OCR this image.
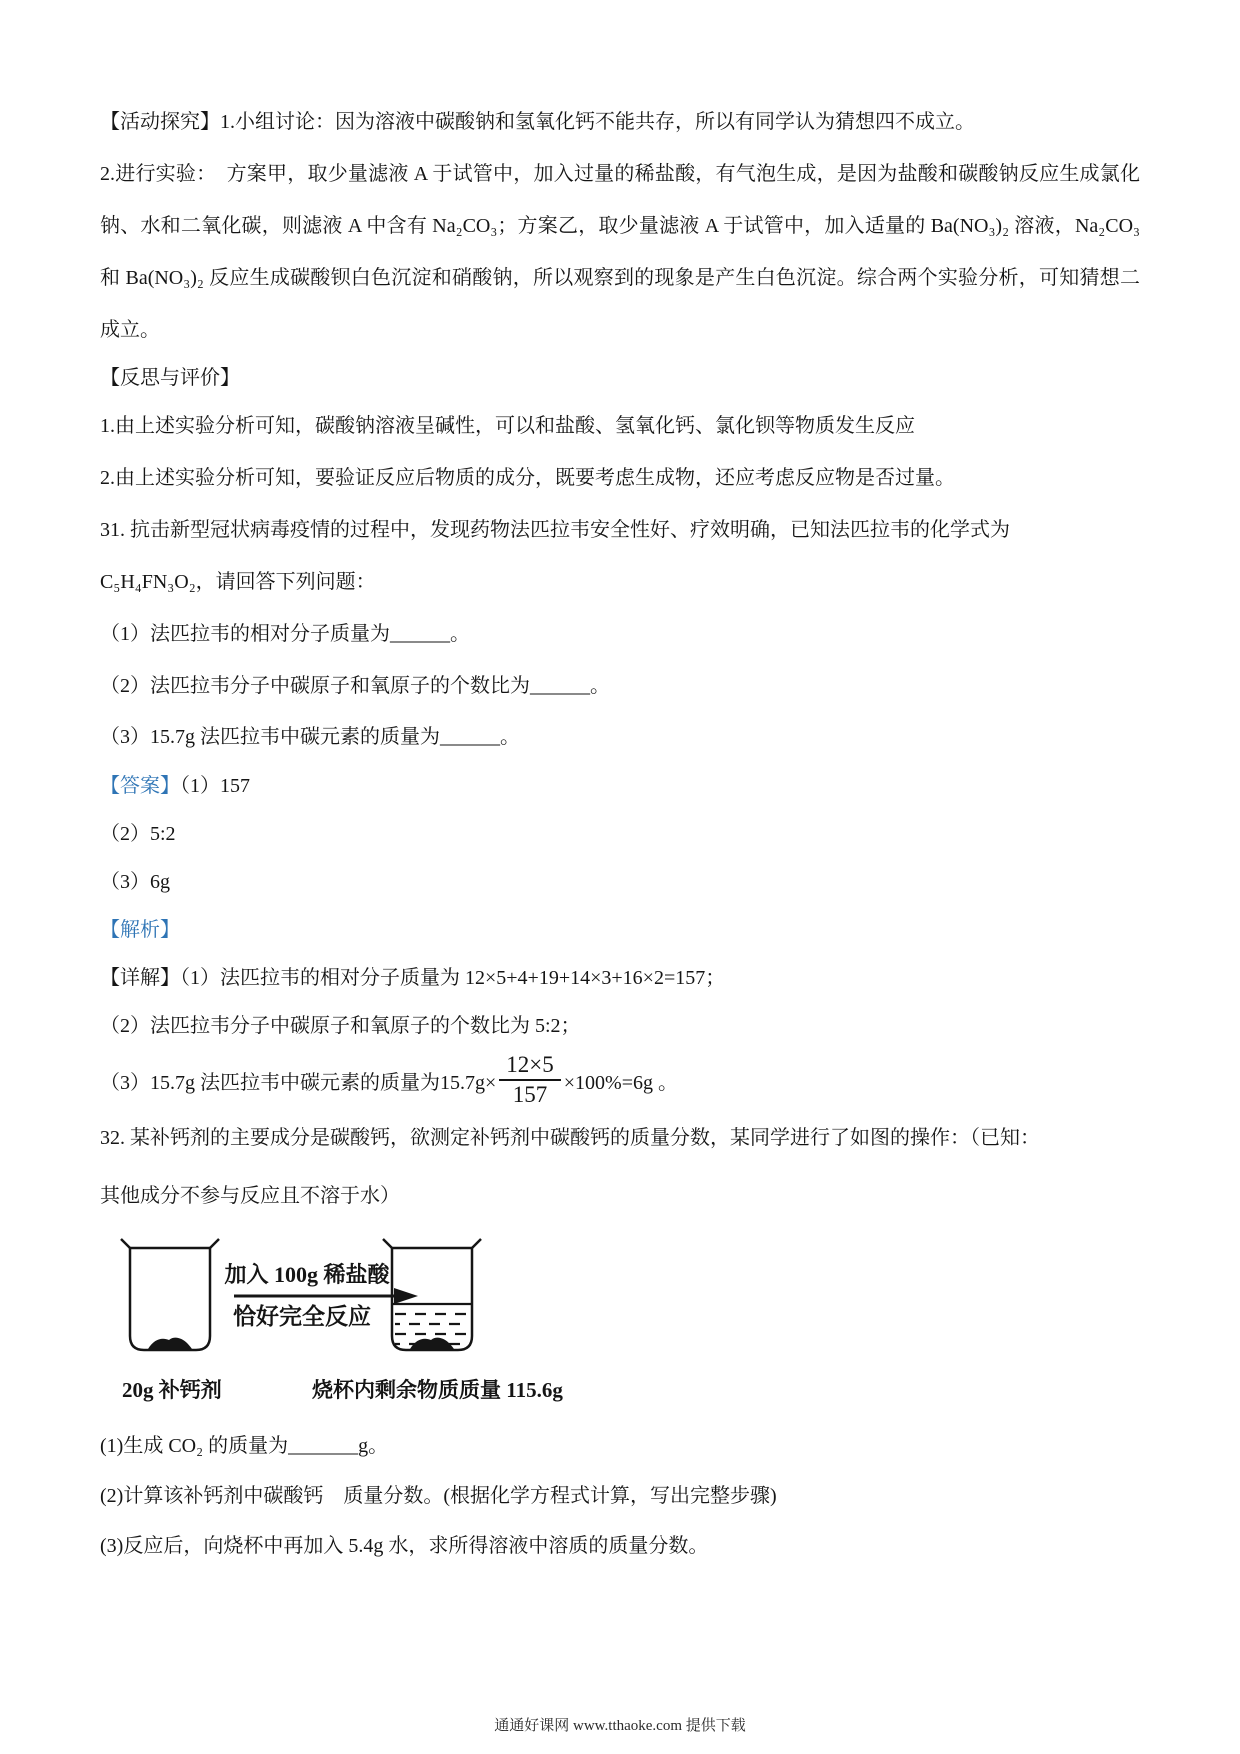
【活动探究】1.小组讨论：因为溶液中碳酸钠和氢氧化钙不能共存，所以有同学认为猜想四不成立。

2.进行实验：　方案甲，取少量滤液 A 于试管中，加入过量的稀盐酸，有气泡生成，是因为盐酸和碳酸钠反应生成氯化钠、水和二氧化碳，则滤液 A 中含有 Na₂CO₃；方案乙，取少量滤液 A 于试管中，加入适量的 Ba(NO₃)₂ 溶液，Na₂CO₃ 和 Ba(NO₃)₂ 反应生成碳酸钡白色沉淀和硝酸钠，所以观察到的现象是产生白色沉淀。综合两个实验分析，可知猜想二成立。

【反思与评价】

1.由上述实验分析可知，碳酸钠溶液呈碱性，可以和盐酸、氢氧化钙、氯化钡等物质发生反应

2.由上述实验分析可知，要验证反应后物质的成分，既要考虑生成物，还应考虑反应物是否过量。

31. 抗击新型冠状病毒疫情的过程中，发现药物法匹拉韦安全性好、疗效明确，已知法匹拉韦的化学式为

C₅H₄FN₃O₂，请回答下列问题：

（1）法匹拉韦的相对分子质量为______。

（2）法匹拉韦分子中碳原子和氧原子的个数比为______。

（3）15.7g 法匹拉韦中碳元素的质量为______。

【答案】（1）157

（2）5:2

（3）6g

【解析】

【详解】（1）法匹拉韦的相对分子质量为 12×5+4+19+14×3+16×2=157；

（2）法匹拉韦分子中碳原子和氧原子的个数比为 5:2；

（3）15.7g 法匹拉韦中碳元素的质量为$15.7g\times \frac{12\times 5}{157} \times 100\%=6g$ 。

32. 某补钙剂的主要成分是碳酸钙，欲测定补钙剂中碳酸钙的质量分数，某同学进行了如图的操作：（已知：

其他成分不参与反应且不溶于水）

加入 100g 稀盐酸
恰好完全反应
20g 补钙剂	烧杯内剩余物质质量 115.6g

(1)生成 CO₂ 的质量为_______g。

(2)计算该补钙剂中碳酸钙　质量分数。(根据化学方程式计算，写出完整步骤)

(3)反应后，向烧杯中再加入 5.4g 水，求所得溶液中溶质的质量分数。

通通好课网 www.tthaoke.com 提供下载
